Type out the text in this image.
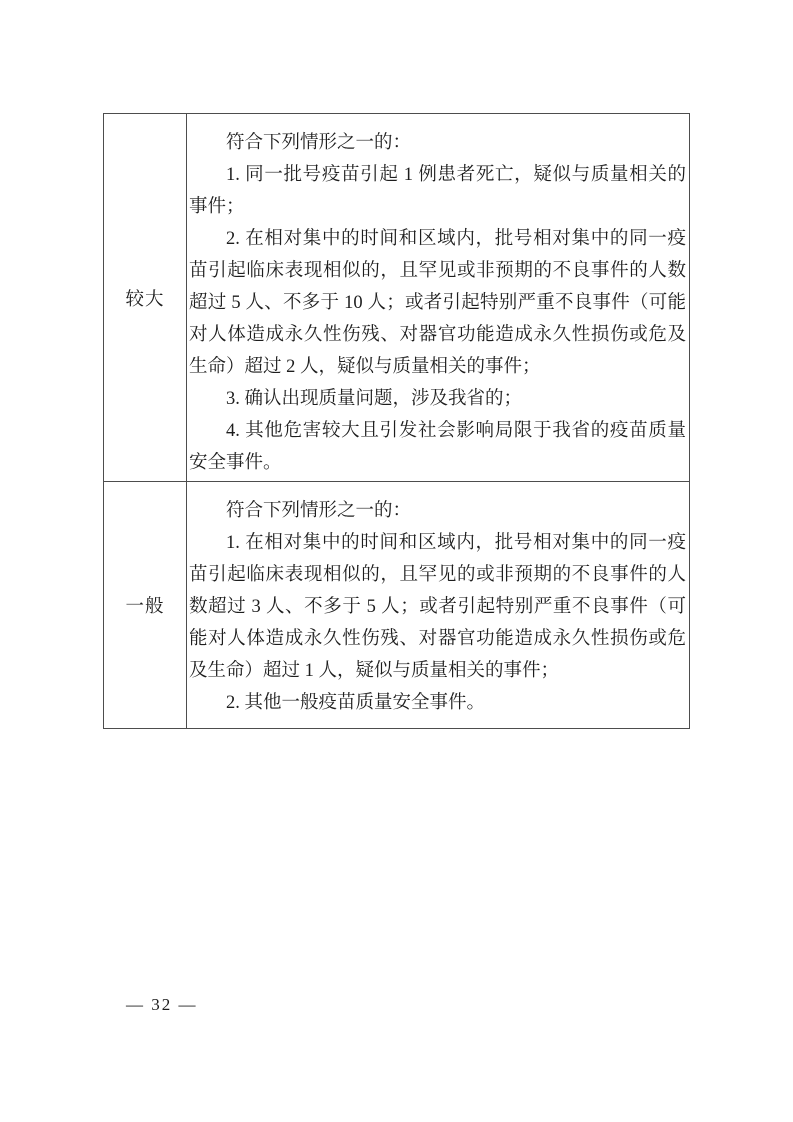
较大

符合下列情形之一的：

1. 同一批号疫苗引起 1 例患者死亡，疑似与质量相关的事件；

2. 在相对集中的时间和区域内，批号相对集中的同一疫苗引起临床表现相似的，且罕见或非预期的不良事件的人数超过 5 人、不多于 10 人；或者引起特别严重不良事件（可能对人体造成永久性伤残、对器官功能造成永久性损伤或危及生命）超过 2 人，疑似与质量相关的事件；

3. 确认出现质量问题，涉及我省的；

4. 其他危害较大且引发社会影响局限于我省的疫苗质量安全事件。

一般

符合下列情形之一的：

1. 在相对集中的时间和区域内，批号相对集中的同一疫苗引起临床表现相似的，且罕见的或非预期的不良事件的人数超过 3 人、不多于 5 人；或者引起特别严重不良事件（可能对人体造成永久性伤残、对器官功能造成永久性损伤或危及生命）超过 1 人，疑似与质量相关的事件；

2. 其他一般疫苗质量安全事件。

— 32 —
